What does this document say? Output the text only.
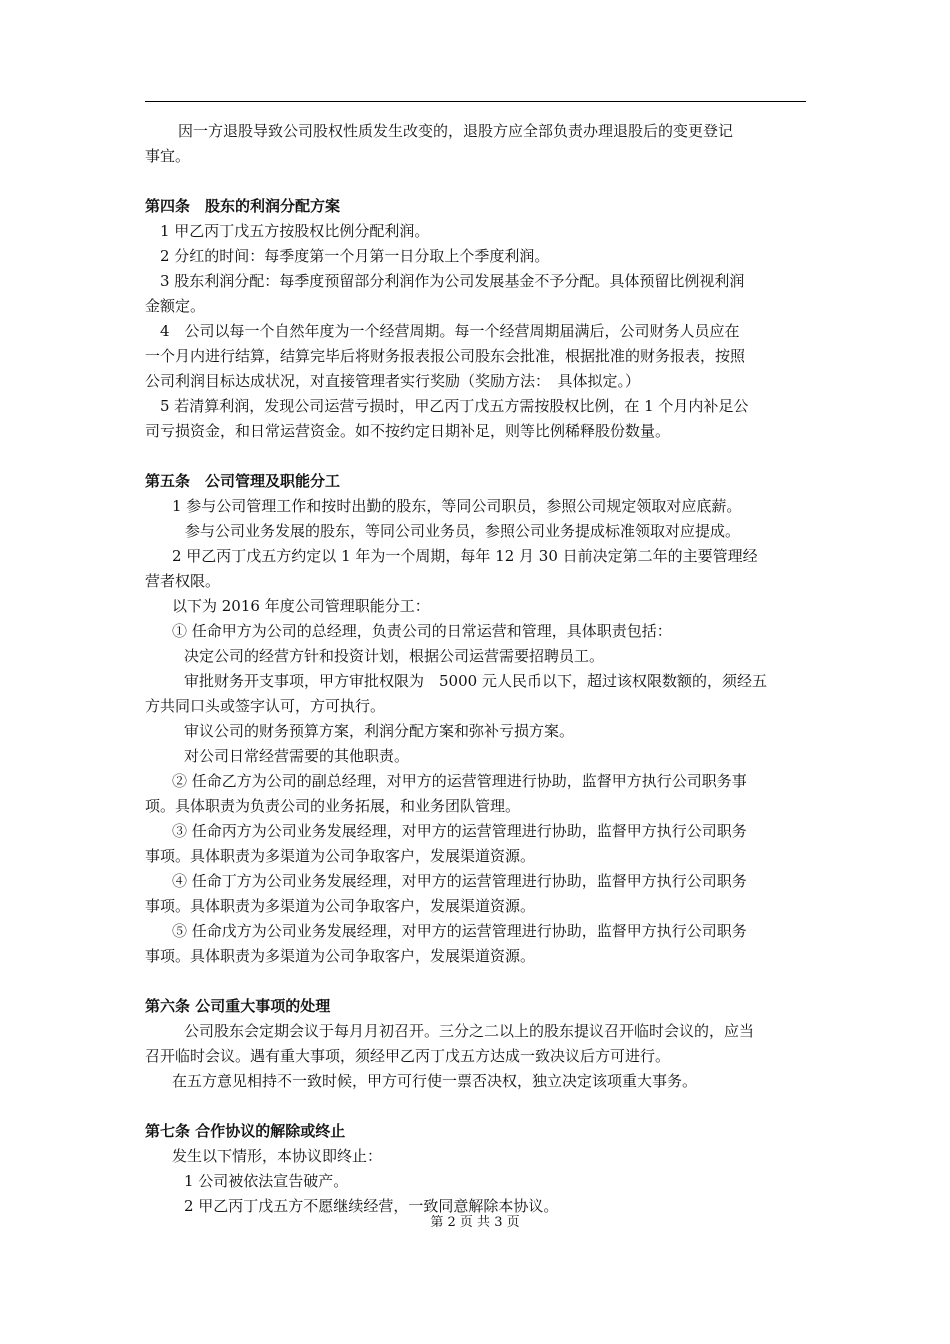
因一方退股导致公司股权性质发生改变的，退股方应全部负责办理退股后的变更登记
事宜。
第四条　股东的利润分配方案
1 甲乙丙丁戊五方按股权比例分配利润。
2 分红的时间：每季度第一个月第一日分取上个季度利润。
3 股东利润分配：每季度预留部分利润作为公司发展基金不予分配。具体预留比例视利润
金额定。
4　公司以每一个自然年度为一个经营周期。每一个经营周期届满后，公司财务人员应在
一个月内进行结算，结算完毕后将财务报表报公司股东会批准，根据批准的财务报表，按照
公司利润目标达成状况，对直接管理者实行奖励（奖励方法：　具体拟定。）
5 若清算利润，发现公司运营亏损时，甲乙丙丁戊五方需按股权比例，在 1 个月内补足公
司亏损资金，和日常运营资金。如不按约定日期补足，则等比例稀释股份数量。
第五条　公司管理及职能分工
1 参与公司管理工作和按时出勤的股东，等同公司职员，参照公司规定领取对应底薪。
参与公司业务发展的股东，等同公司业务员，参照公司业务提成标准领取对应提成。
2 甲乙丙丁戊五方约定以 1 年为一个周期，每年 12 月 30 日前决定第二年的主要管理经
营者权限。
以下为 2016 年度公司管理职能分工：
① 任命甲方为公司的总经理，负责公司的日常运营和管理，具体职责包括：
决定公司的经营方针和投资计划，根据公司运营需要招聘员工。
审批财务开支事项，甲方审批权限为　5000 元人民币以下，超过该权限数额的，须经五
方共同口头或签字认可，方可执行。
审议公司的财务预算方案，利润分配方案和弥补亏损方案。
对公司日常经营需要的其他职责。
② 任命乙方为公司的副总经理，对甲方的运营管理进行协助，监督甲方执行公司职务事
项。具体职责为负责公司的业务拓展，和业务团队管理。
③ 任命丙方为公司业务发展经理，对甲方的运营管理进行协助，监督甲方执行公司职务
事项。具体职责为多渠道为公司争取客户，发展渠道资源。
④ 任命丁方为公司业务发展经理，对甲方的运营管理进行协助，监督甲方执行公司职务
事项。具体职责为多渠道为公司争取客户，发展渠道资源。
⑤ 任命戊方为公司业务发展经理，对甲方的运营管理进行协助，监督甲方执行公司职务
事项。具体职责为多渠道为公司争取客户，发展渠道资源。
第六条 公司重大事项的处理
公司股东会定期会议于每月月初召开。三分之二以上的股东提议召开临时会议的，应当
召开临时会议。遇有重大事项，须经甲乙丙丁戊五方达成一致决议后方可进行。
在五方意见相持不一致时候，甲方可行使一票否决权，独立决定该项重大事务。
第七条 合作协议的解除或终止
发生以下情形，本协议即终止：
1 公司被依法宣告破产。
2 甲乙丙丁戊五方不愿继续经营，一致同意解除本协议。
第 2 页 共 3 页
